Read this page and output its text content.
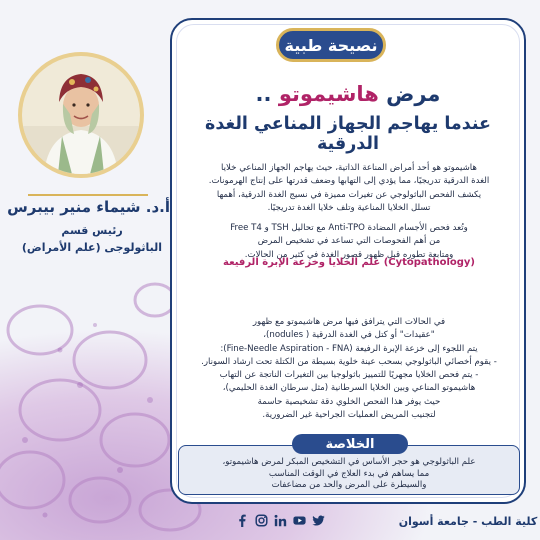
نصيحة طبية
مرض هاشيموتو ..
عندما يهاجم الجهاز المناعي الغدة الدرقية
هاشيموتو هو أحد أمراض المناعة الذاتية، حيث يهاجم الجهاز المناعي خلايا
الغدة الدرقية تدريجيًا، مما يؤدي إلى التهابها وضعف قدرتها على إنتاج الهرمونات.
يكشف الفحص الباثولوجي عن تغيرات مميزة في نسيج الغدة الدرقية، أهمها
تسلل الخلايا المناعية وتلف خلايا الغدة تدريجيًا.
وتُعد فحص الأجسام المضادة Anti-TPO مع تحاليل TSH و Free T4
من أهم الفحوصات التي تساعد في تشخيص المرض
ومتابعة تطوره قبل ظهور قصور الغدة في كثير من الحالات.
علم الخلايا وخزعة الإبرة الرفيعة (Cytopathology)
في الحالات التي يترافق فيها مرض هاشيموتو مع ظهور
"عقيدات" أو كتل في الغدة الدرقية ( nodules)،
يتم اللجوء إلى خزعة الإبرة الرفيعة (Fine-Needle Aspiration - FNA):
- يقوم أخصائي الباثولوجي بسحب عينة خلوية بسيطة من الكتلة تحت ارشاد السونار.
- يتم فحص الخلايا مجهريًا للتمييز باثولوجيا بين التغيرات الناتجة عن التهاب
هاشيموتو المناعي وبين الخلايا السرطانية (مثل سرطان الغدة الحليمي)،
حيث يوفر هذا الفحص الخلوي دقة تشخيصية حاسمة
لتجنيب المريض العمليات الجراحية غير الضرورية.
الخلاصة
علم الباثولوجي هو حجر الأساس في التشخيص المبكر لمرض هاشيموتو،
مما يساهم في بدء العلاج في الوقت المناسب
والسيطرة على المرض والحد من مضاعفات
أ.د. شيماء منير بيبرس
رئيس قسم
الباثولوجى (علم الأمراض)
كلية الطب - جامعة أسوان
